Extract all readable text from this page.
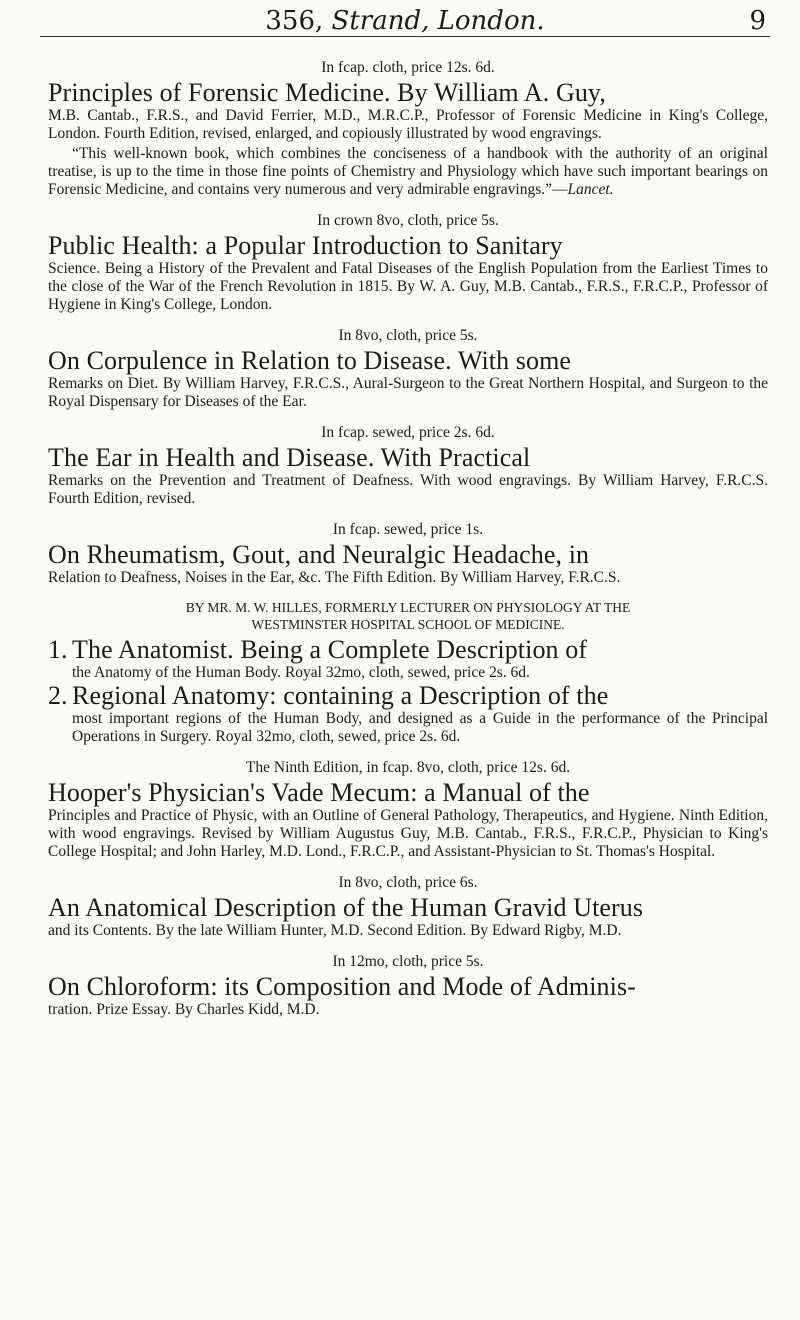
356, Strand, London.	9
In fcap. cloth, price 12s. 6d.

Principles of Forensic Medicine. By William A. Guy,

M.B. Cantab., F.R.S., and David Ferrier, M.D., M.R.C.P., Professor of Forensic Medicine in King's College, London. Fourth Edition, revised, enlarged, and copiously illustrated by wood engravings.

“This well-known book, which combines the conciseness of a handbook with the authority of an original treatise, is up to the time in those fine points of Chemistry and Physiology which have such important bearings on Forensic Medicine, and contains very numerous and very admirable engravings.”—Lancet.

In crown 8vo, cloth, price 5s.

Public Health: a Popular Introduction to Sanitary

Science. Being a History of the Prevalent and Fatal Diseases of the English Population from the Earliest Times to the close of the War of the French Revolution in 1815. By W. A. Guy, M.B. Cantab., F.R.S., F.R.C.P., Professor of Hygiene in King's College, London.

In 8vo, cloth, price 5s.

On Corpulence in Relation to Disease. With some

Remarks on Diet. By William Harvey, F.R.C.S., Aural-Surgeon to the Great Northern Hospital, and Surgeon to the Royal Dispensary for Diseases of the Ear.

In fcap. sewed, price 2s. 6d.

The Ear in Health and Disease. With Practical

Remarks on the Prevention and Treatment of Deafness. With wood engravings. By William Harvey, F.R.C.S. Fourth Edition, revised.

In fcap. sewed, price 1s.

On Rheumatism, Gout, and Neuralgic Headache, in

Relation to Deafness, Noises in the Ear, &c. The Fifth Edition. By William Harvey, F.R.C.S.

BY MR. M. W. HILLES, FORMERLY LECTURER ON PHYSIOLOGY AT THE
WESTMINSTER HOSPITAL SCHOOL OF MEDICINE.
1. The Anatomist. Being a Complete Description of

the Anatomy of the Human Body. Royal 32mo, cloth, sewed, price 2s. 6d.

2. Regional Anatomy: containing a Description of the

most important regions of the Human Body, and designed as a Guide in the performance of the Principal Operations in Surgery. Royal 32mo, cloth, sewed, price 2s. 6d.

The Ninth Edition, in fcap. 8vo, cloth, price 12s. 6d.

Hooper's Physician's Vade Mecum: a Manual of the

Principles and Practice of Physic, with an Outline of General Pathology, Therapeutics, and Hygiene. Ninth Edition, with wood engravings. Revised by William Augustus Guy, M.B. Cantab., F.R.S., F.R.C.P., Physician to King's College Hospital; and John Harley, M.D. Lond., F.R.C.P., and Assistant-Physician to St. Thomas's Hospital.

In 8vo, cloth, price 6s.

An Anatomical Description of the Human Gravid Uterus

and its Contents. By the late William Hunter, M.D. Second Edition. By Edward Rigby, M.D.

In 12mo, cloth, price 5s.

On Chloroform: its Composition and Mode of Adminis-

tration. Prize Essay. By Charles Kidd, M.D.
